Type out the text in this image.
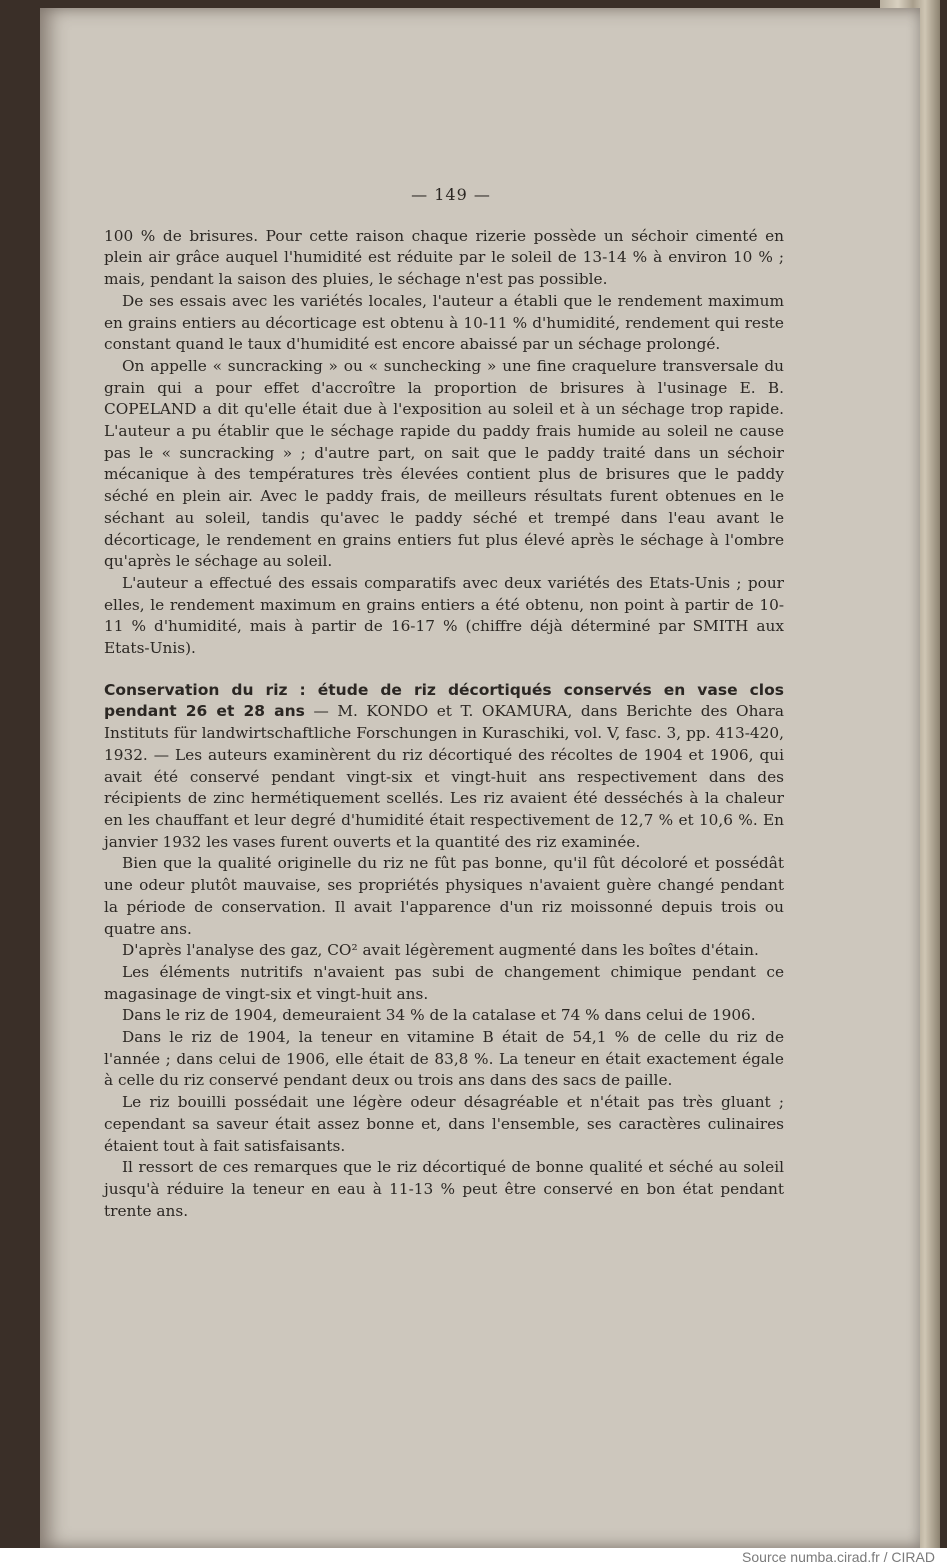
— 149 —

100 % de brisures. Pour cette raison chaque rizerie possède un séchoir cimenté en plein air grâce auquel l'humidité est réduite par le soleil de 13-14 % à environ 10 % ; mais, pendant la saison des pluies, le séchage n'est pas possible.

De ses essais avec les variétés locales, l'auteur a établi que le rendement maximum en grains entiers au décorticage est obtenu à 10-11 % d'humidité, rendement qui reste constant quand le taux d'humidité est encore abaissé par un séchage prolongé.

On appelle « suncracking » ou « sunchecking » une fine craquelure transversale du grain qui a pour effet d'accroître la proportion de brisures à l'usinage E. B. COPELAND a dit qu'elle était due à l'exposition au soleil et à un séchage trop rapide. L'auteur a pu établir que le séchage rapide du paddy frais humide au soleil ne cause pas le « suncracking » ; d'autre part, on sait que le paddy traité dans un séchoir mécanique à des températures très élevées contient plus de brisures que le paddy séché en plein air. Avec le paddy frais, de meilleurs résultats furent obtenues en le séchant au soleil, tandis qu'avec le paddy séché et trempé dans l'eau avant le décorticage, le rendement en grains entiers fut plus élevé après le séchage à l'ombre qu'après le séchage au soleil.

L'auteur a effectué des essais comparatifs avec deux variétés des Etats-Unis ; pour elles, le rendement maximum en grains entiers a été obtenu, non point à partir de 10-11 % d'humidité, mais à partir de 16-17 % (chiffre déjà déterminé par SMITH aux Etats-Unis).

Conservation du riz : étude de riz décortiqués conservés en vase clos pendant 26 et 28 ans — M. KONDO et T. OKAMURA, dans Berichte des Ohara Instituts für landwirtschaftliche Forschungen in Kuraschiki, vol. V, fasc. 3, pp. 413-420, 1932. — Les auteurs examinèrent du riz décortiqué des récoltes de 1904 et 1906, qui avait été conservé pendant vingt-six et vingt-huit ans respectivement dans des récipients de zinc hermétiquement scellés. Les riz avaient été desséchés à la chaleur en les chauffant et leur degré d'humidité était respectivement de 12,7 % et 10,6 %. En janvier 1932 les vases furent ouverts et la quantité des riz examinée.

Bien que la qualité originelle du riz ne fût pas bonne, qu'il fût décoloré et possédât une odeur plutôt mauvaise, ses propriétés physiques n'avaient guère changé pendant la période de conservation. Il avait l'apparence d'un riz moissonné depuis trois ou quatre ans.

D'après l'analyse des gaz, CO² avait légèrement augmenté dans les boîtes d'étain.

Les éléments nutritifs n'avaient pas subi de changement chimique pendant ce magasinage de vingt-six et vingt-huit ans.

Dans le riz de 1904, demeuraient 34 % de la catalase et 74 % dans celui de 1906.

Dans le riz de 1904, la teneur en vitamine B était de 54,1 % de celle du riz de l'année ; dans celui de 1906, elle était de 83,8 %. La teneur en était exactement égale à celle du riz conservé pendant deux ou trois ans dans des sacs de paille.

Le riz bouilli possédait une légère odeur désagréable et n'était pas très gluant ; cependant sa saveur était assez bonne et, dans l'ensemble, ses caractères culinaires étaient tout à fait satisfaisants.

Il ressort de ces remarques que le riz décortiqué de bonne qualité et séché au soleil jusqu'à réduire la teneur en eau à 11-13 % peut être conservé en bon état pendant trente ans.

Source numba.cirad.fr / CIRAD
